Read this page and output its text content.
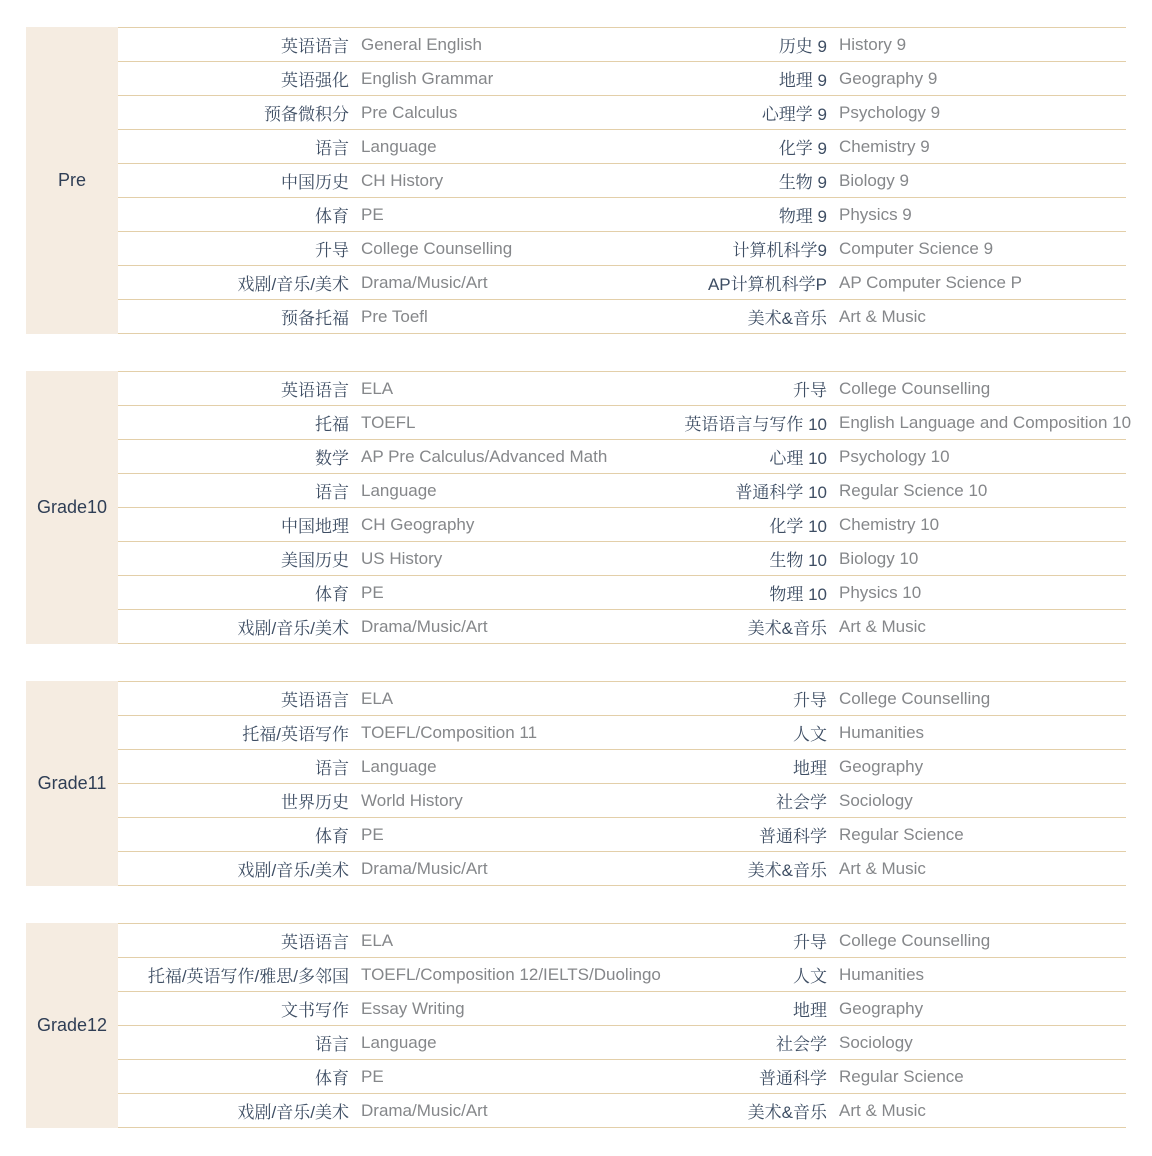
Pre
英语语言 General English	历史 9 History 9
英语强化 English Grammar	地理 9 Geography 9
预备微积分 Pre Calculus	心理学 9 Psychology 9
语言 Language	化学 9 Chemistry 9
中国历史 CH History	生物 9 Biology 9
体育 PE	物理 9 Physics 9
升导 College Counselling	计算机科学9 Computer Science 9
戏剧/音乐/美术 Drama/Music/Art	AP计算机科学P AP Computer Science P
预备托福 Pre Toefl	美术&音乐 Art & Music
Grade10
英语语言 ELA	升导 College Counselling
托福 TOEFL	英语语言与写作 10 English Language and Composition 10
数学 AP Pre Calculus/Advanced Math	心理 10 Psychology 10
语言 Language	普通科学 10 Regular Science 10
中国地理 CH Geography	化学 10 Chemistry 10
美国历史 US History	生物 10 Biology 10
体育 PE	物理 10 Physics 10
戏剧/音乐/美术 Drama/Music/Art	美术&音乐 Art & Music
Grade11
英语语言 ELA	升导 College Counselling
托福/英语写作 TOEFL/Composition 11	人文 Humanities
语言 Language	地理 Geography
世界历史 World History	社会学 Sociology
体育 PE	普通科学 Regular Science
戏剧/音乐/美术 Drama/Music/Art	美术&音乐 Art & Music
Grade12
英语语言 ELA	升导 College Counselling
托福/英语写作/雅思/多邻国 TOEFL/Composition 12/IELTS/Duolingo	人文 Humanities
文书写作 Essay Writing	地理 Geography
语言 Language	社会学 Sociology
体育 PE	普通科学 Regular Science
戏剧/音乐/美术 Drama/Music/Art	美术&音乐 Art & Music
